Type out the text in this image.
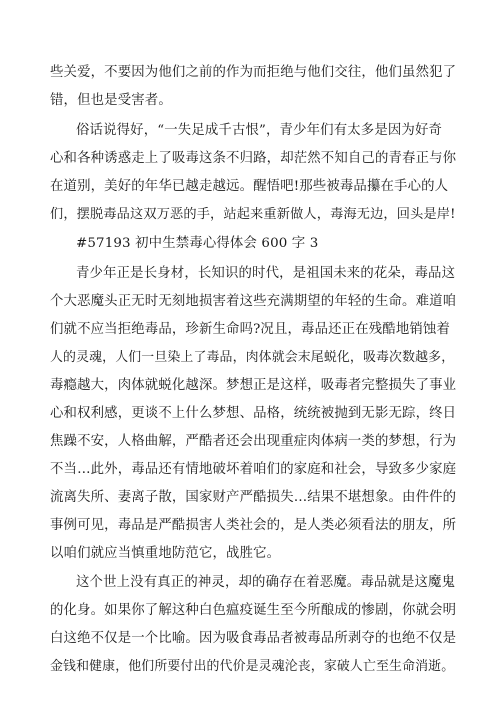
些关爱，不要因为他们之前的作为而拒绝与他们交往，他们虽然犯了
错，但也是受害者。
俗话说得好，“一失足成千古恨”，青少年们有太多是因为好奇
心和各种诱惑走上了吸毒这条不归路，却茫然不知自己的青春正与你
在道别，美好的年华已越走越远。醒悟吧!那些被毒品攥在手心的人
们，摆脱毒品这双万恶的手，站起来重新做人，毒海无边，回头是岸!
#57193 初中生禁毒心得体会 600 字 3
青少年正是长身材，长知识的时代，是祖国未来的花朵，毒品这
个大恶魔头正无时无刻地损害着这些充满期望的年轻的生命。难道咱
们就不应当拒绝毒品，珍新生命吗?况且，毒品还正在残酷地销蚀着
人的灵魂，人们一旦染上了毒品，肉体就会末尾蜕化，吸毒次数越多，
毒瘾越大，肉体就蜕化越深。梦想正是这样，吸毒者完整损失了事业
心和权利感，更谈不上什么梦想、品格，统统被抛到无影无踪，终日
焦躁不安，人格曲解，严酷者还会出现重症肉体病一类的梦想，行为
不当…此外，毒品还有情地破坏着咱们的家庭和社会，导致多少家庭
流离失所、妻离子散，国家财产严酷损失…结果不堪想象。由件件的
事例可见，毒品是严酷损害人类社会的，是人类必须看法的朋友，所
以咱们就应当慎重地防范它，战胜它。
这个世上没有真正的神灵，却的确存在着恶魔。毒品就是这魔鬼
的化身。如果你了解这种白色瘟疫诞生至今所酿成的惨剧，你就会明
白这绝不仅是一个比喻。因为吸食毒品者被毒品所剥夺的也绝不仅是
金钱和健康，他们所要付出的代价是灵魂沦丧，家破人亡至生命消逝。
